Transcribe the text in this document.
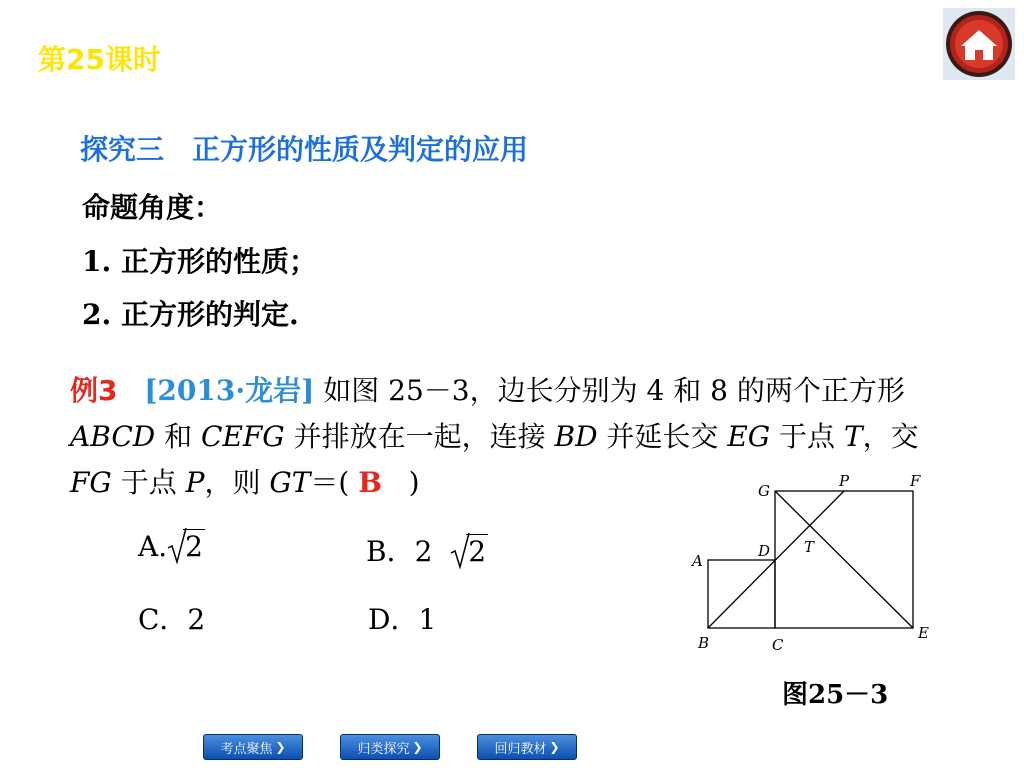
第25课时
探究三　正方形的性质及判定的应用
命题角度：
1. 正方形的性质；
2. 正方形的判定.
例3 [2013·龙岩] 如图 25－3，边长分别为 4 和 8 的两个正方形 ABCD 和 CEFG 并排放在一起，连接 BD 并延长交 EG 于点 T，交 FG 于点 P，则 GT＝( B )
A. 2	B．2 2
C．2	D．1
G
P	F
A
D T
B	C
E
图25－3
考点聚焦 ❯	归类探究 ❯	回归教材 ❯
